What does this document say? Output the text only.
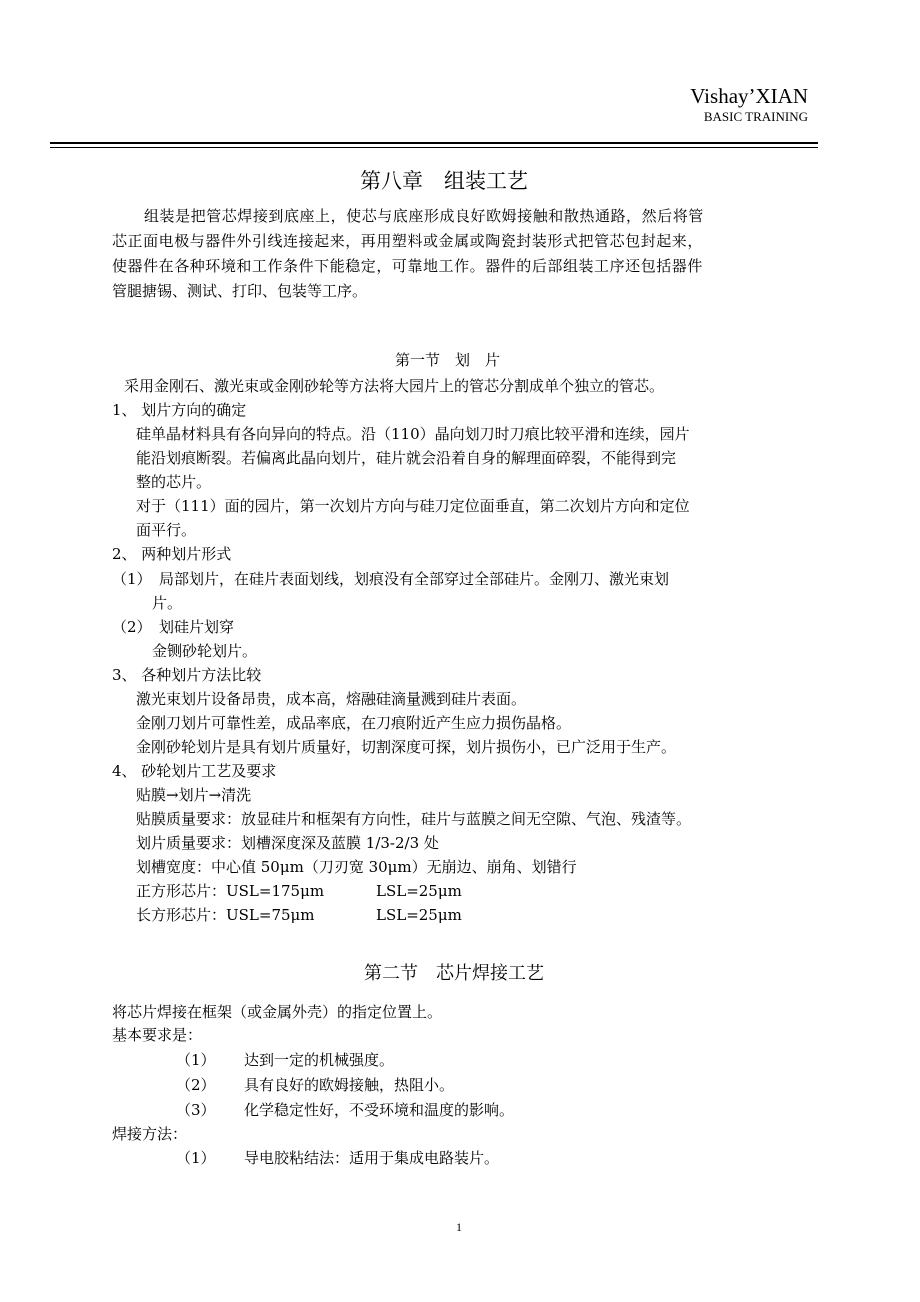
Vishay’XIAN
BASIC TRAINING
第八章　组装工艺
组装是把管芯焊接到底座上，使芯与底座形成良好欧姆接触和散热通路，然后将管
芯正面电极与器件外引线连接起来，再用塑料或金属或陶瓷封装形式把管芯包封起来，
使器件在各种环境和工作条件下能稳定，可靠地工作。器件的后部组装工序还包括器件
管腿搪锡、测试、打印、包装等工序。
第一节　划　片
采用金刚石、激光束或金刚砂轮等方法将大园片上的管芯分割成单个独立的管芯。
1、 划片方向的确定
硅单晶材料具有各向异向的特点。沿（110）晶向划刀时刀痕比较平滑和连续，园片
能沿划痕断裂。若偏离此晶向划片，硅片就会沿着自身的解理面碎裂，不能得到完
整的芯片。
对于（111）面的园片，第一次划片方向与硅刀定位面垂直，第二次划片方向和定位
面平行。
2、 两种划片形式
（1）　局部划片，在硅片表面划线，划痕没有全部穿过全部硅片。金刚刀、激光束划
片。
（2）　划硅片划穿
金铡砂轮划片。
3、 各种划片方法比较
激光束划片设备昂贵，成本高，熔融硅滴量溅到硅片表面。
金刚刀划片可靠性差，成品率底，在刀痕附近产生应力损伤晶格。
金刚砂轮划片是具有划片质量好，切割深度可探，划片损伤小，已广泛用于生产。
4、 砂轮划片工艺及要求
贴膜→划片→清洗
贴膜质量要求：放显硅片和框架有方向性，硅片与蓝膜之间无空隙、气泡、残渣等。
划片质量要求：划槽深度深及蓝膜 1/3-2/3 处
划槽宽度：中心值 50μm（刀刃宽 30μm）无崩边、崩角、划错行
正方形芯片：USL=175μm	LSL=25μm
长方形芯片：USL=75μm	LSL=25μm
第二节　芯片焊接工艺
将芯片焊接在框架（或金属外壳）的指定位置上。
基本要求是：
（1） 达到一定的机械强度。
（2） 具有良好的欧姆接触，热阻小。
（3） 化学稳定性好，不受环境和温度的影响。
焊接方法：
（1） 导电胶粘结法：适用于集成电路装片。
1
